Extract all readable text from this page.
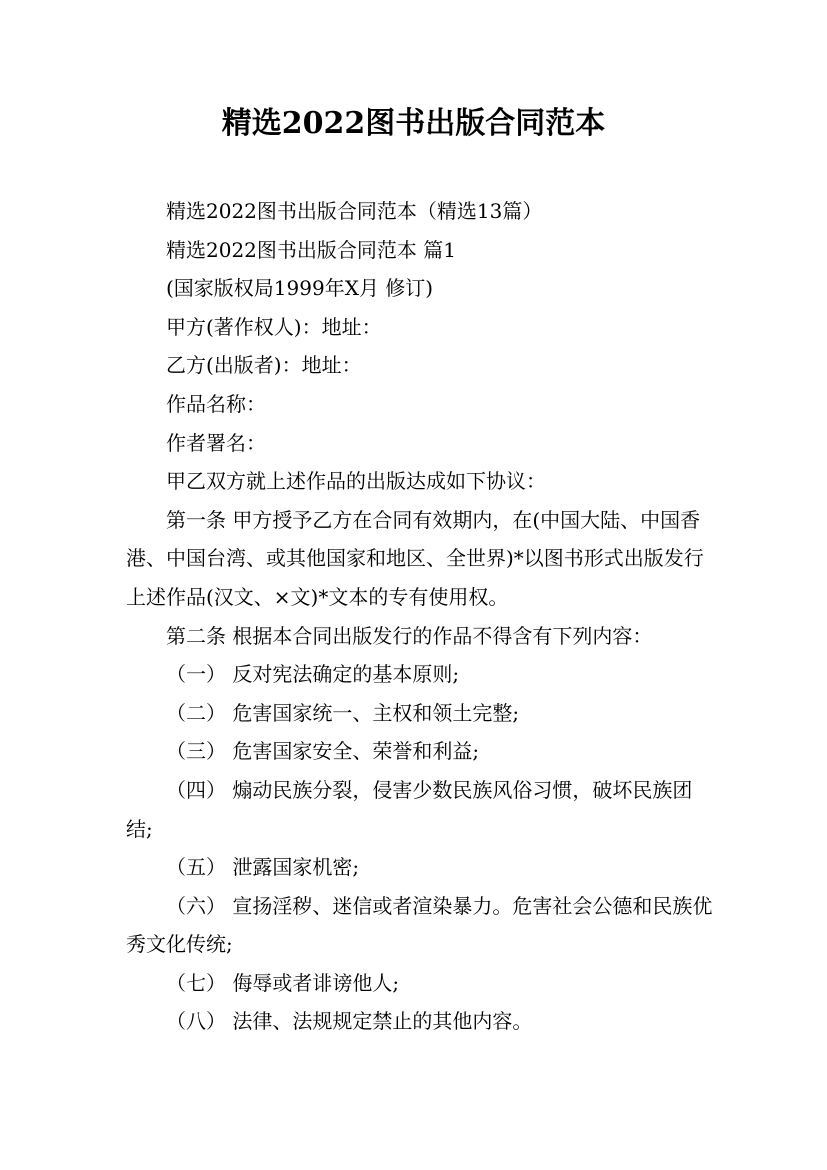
精选2022图书出版合同范本

精选2022图书出版合同范本（精选13篇）

精选2022图书出版合同范本 篇1

(国家版权局1999年X月 修订)

甲方(著作权人)：地址：

乙方(出版者)：地址：

作品名称：

作者署名：

甲乙双方就上述作品的出版达成如下协议：

第一条 甲方授予乙方在合同有效期内，在(中国大陆、中国香港、中国台湾、或其他国家和地区、全世界)*以图书形式出版发行上述作品(汉文、×文)*文本的专有使用权。

第二条 根据本合同出版发行的作品不得含有下列内容：

（一） 反对宪法确定的基本原则;

（二） 危害国家统一、主权和领土完整;

（三） 危害国家安全、荣誉和利益;

（四） 煽动民族分裂，侵害少数民族风俗习惯，破坏民族团结;

（五） 泄露国家机密;

（六） 宣扬淫秽、迷信或者渲染暴力。危害社会公德和民族优秀文化传统;

（七） 侮辱或者诽谤他人;

（八） 法律、法规规定禁止的其他内容。
